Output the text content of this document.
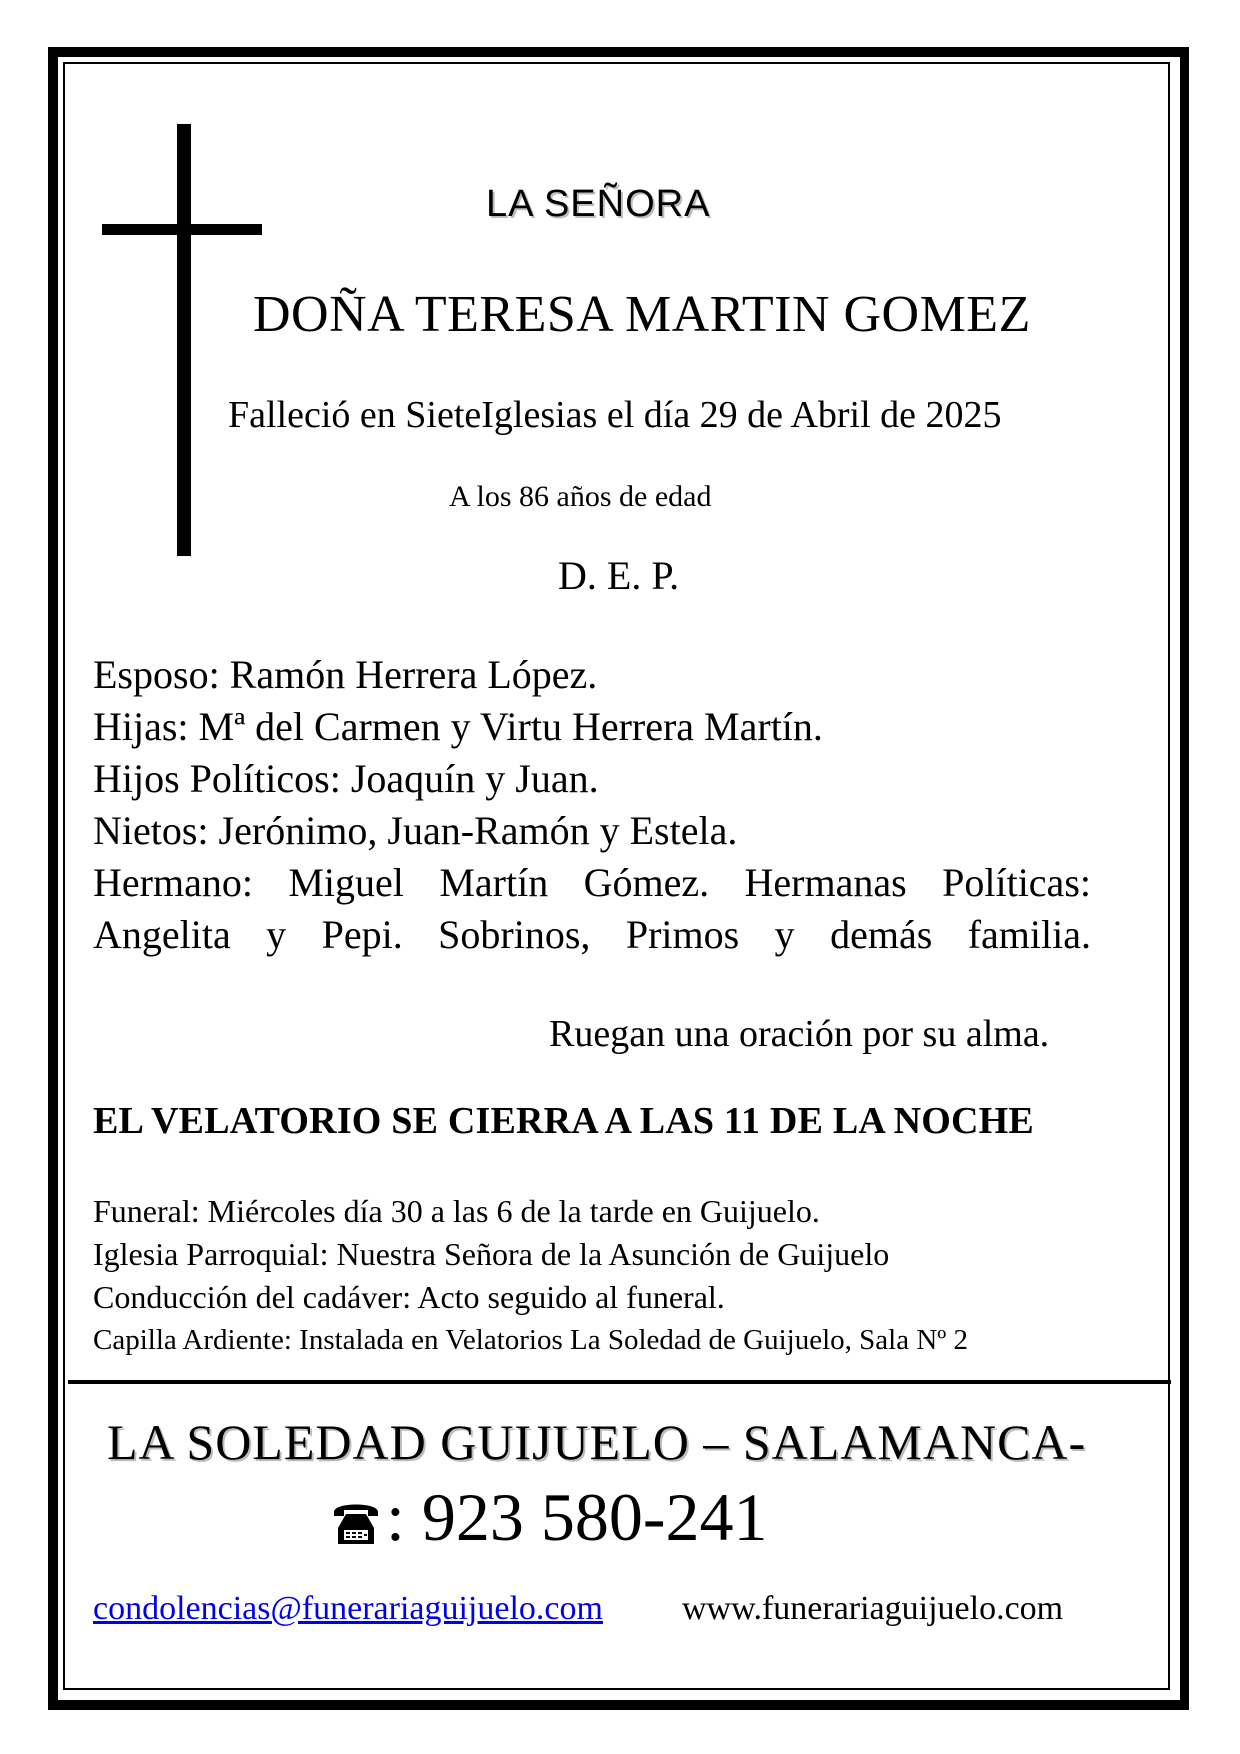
LA SEÑORA

DOÑA TERESA MARTIN GOMEZ

Falleció en SieteIglesias el día 29 de Abril de 2025

A los 86 años de edad

D. E. P.

Esposo: Ramón Herrera López.
Hijas: Mª del Carmen y Virtu Herrera Martín.
Hijos Políticos: Joaquín y Juan.
Nietos: Jerónimo, Juan-Ramón y Estela.
Hermano: Miguel Martín Gómez. Hermanas Políticas:
Angelita y Pepi. Sobrinos, Primos y demás familia.

Ruegan una oración por su alma.

EL VELATORIO SE CIERRA A LAS 11 DE LA NOCHE

Funeral: Miércoles día 30 a las 6 de la tarde en Guijuelo.
Iglesia Parroquial: Nuestra Señora de la Asunción de Guijuelo
Conducción del cadáver: Acto seguido al funeral.
Capilla Ardiente: Instalada en Velatorios La Soledad de Guijuelo, Sala Nº 2

LA SOLEDAD GUIJUELO – SALAMANCA-

: 923 580-241
condolencias@funerariaguijuelo.com www.funerariaguijuelo.com
